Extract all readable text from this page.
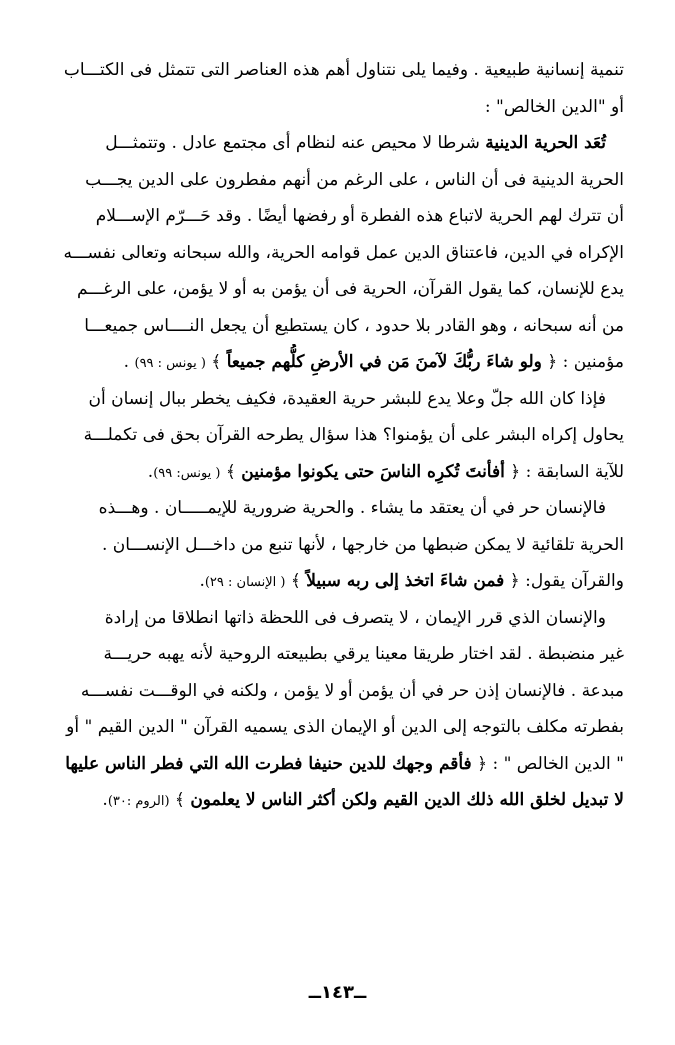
تنمية إنسانية طبيعية . وفيما يلى نتناول أهم هذه العناصر التى تتمثل فى الكتـــاب
أو "الدين الخالص" :
تُعَد الحرية الدينية شرطا لا محيص عنه لنظام أى مجتمع عادل . وتتمثـــل
الحرية الدينية فى أن الناس ، على الرغم من أنهم مفطرون على الدين يجـــب
أن تترك لهم الحرية لاتباع هذه الفطرة أو رفضها أيضًا . وقد حَـــرّم الإســـلام
الإكراه في الدين، فاعتناق الدين عمل قوامه الحرية، والله سبحانه وتعالى نفســـه
يدع للإنسان، كما يقول القرآن، الحرية فى أن يؤمن به أو لا يؤمن، على الرغـــم
من أنه سبحانه ، وهو القادر بلا حدود ، كان يستطيع أن يجعل النــــاس جميعـــا
مؤمنين : ﴿ ولو شاءَ ربُّكَ لآمنَ مَن في الأرضِ كلُّهم جميعاً ﴾ ( يونس : ٩٩) .
فإذا كان الله جلّ وعلا يدع للبشر حرية العقيدة، فكيف يخطر ببال إنسان أن
يحاول إكراه البشر على أن يؤمنوا؟ هذا سؤال يطرحه القرآن بحق فى تكملـــة
للآية السابقة : ﴿ أفأنتَ تُكرِه الناسَ حتى يكونوا مؤمنين ﴾ ( يونس: ٩٩).
فالإنسان حر في أن يعتقد ما يشاء . والحرية ضرورية للإيمـــــان . وهـــذه
الحرية تلقائية لا يمكن ضبطها من خارجها ، لأنها تنبع من داخـــل الإنســـان .
والقرآن يقول: ﴿ فمن شاءَ اتخذ إلى ربه سبيلاً ﴾ ( الإنسان : ٢٩).
والإنسان الذي قرر الإيمان ، لا يتصرف فى اللحظة ذاتها انطلاقا من إرادة
غير منضبطة . لقد اختار طريقا معينا يرقي بطبيعته الروحية لأنه يهبه حريـــة
مبدعة . فالإنسان إذن حر في أن يؤمن أو لا يؤمن ، ولكنه في الوقـــت نفســـه
بفطرته مكلف بالتوجه إلى الدين أو الإيمان الذى يسميه القرآن " الدين القيم " أو
" الدين الخالص " : ﴿ فأقم وجهك للدين حنيفا فطرت الله التي فطر الناس عليها
لا تبديل لخلق الله ذلك الدين القيم ولكن أكثر الناس لا يعلمون ﴾ (الروم :٣٠).
ــ١٤٣ــ
